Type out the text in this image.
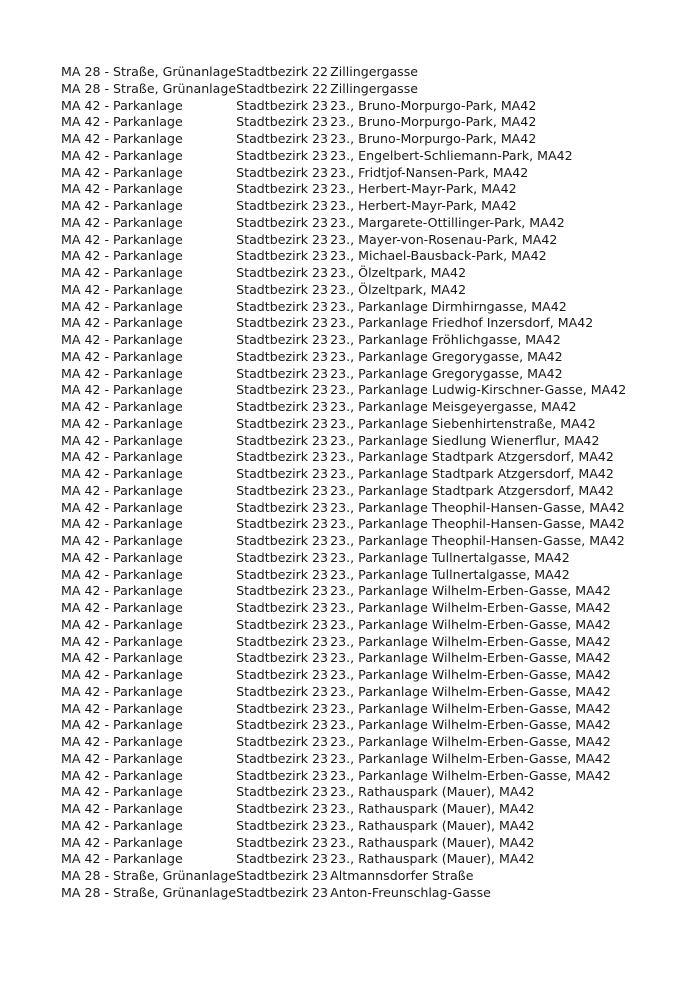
MA 28 - Straße, Grünanlage	Stadtbezirk 22	Zillingergasse
MA 28 - Straße, Grünanlage	Stadtbezirk 22	Zillingergasse
MA 42 - Parkanlage	Stadtbezirk 23	23., Bruno-Morpurgo-Park, MA42
MA 42 - Parkanlage	Stadtbezirk 23	23., Bruno-Morpurgo-Park, MA42
MA 42 - Parkanlage	Stadtbezirk 23	23., Bruno-Morpurgo-Park, MA42
MA 42 - Parkanlage	Stadtbezirk 23	23., Engelbert-Schliemann-Park, MA42
MA 42 - Parkanlage	Stadtbezirk 23	23., Fridtjof-Nansen-Park, MA42
MA 42 - Parkanlage	Stadtbezirk 23	23., Herbert-Mayr-Park, MA42
MA 42 - Parkanlage	Stadtbezirk 23	23., Herbert-Mayr-Park, MA42
MA 42 - Parkanlage	Stadtbezirk 23	23., Margarete-Ottillinger-Park, MA42
MA 42 - Parkanlage	Stadtbezirk 23	23., Mayer-von-Rosenau-Park, MA42
MA 42 - Parkanlage	Stadtbezirk 23	23., Michael-Bausback-Park, MA42
MA 42 - Parkanlage	Stadtbezirk 23	23., Ölzeltpark, MA42
MA 42 - Parkanlage	Stadtbezirk 23	23., Ölzeltpark, MA42
MA 42 - Parkanlage	Stadtbezirk 23	23., Parkanlage Dirmhirngasse, MA42
MA 42 - Parkanlage	Stadtbezirk 23	23., Parkanlage Friedhof Inzersdorf, MA42
MA 42 - Parkanlage	Stadtbezirk 23	23., Parkanlage Fröhlichgasse, MA42
MA 42 - Parkanlage	Stadtbezirk 23	23., Parkanlage Gregorygasse, MA42
MA 42 - Parkanlage	Stadtbezirk 23	23., Parkanlage Gregorygasse, MA42
MA 42 - Parkanlage	Stadtbezirk 23	23., Parkanlage Ludwig-Kirschner-Gasse, MA42
MA 42 - Parkanlage	Stadtbezirk 23	23., Parkanlage Meisgeyergasse, MA42
MA 42 - Parkanlage	Stadtbezirk 23	23., Parkanlage Siebenhirtenstraße, MA42
MA 42 - Parkanlage	Stadtbezirk 23	23., Parkanlage Siedlung Wienerflur, MA42
MA 42 - Parkanlage	Stadtbezirk 23	23., Parkanlage Stadtpark Atzgersdorf, MA42
MA 42 - Parkanlage	Stadtbezirk 23	23., Parkanlage Stadtpark Atzgersdorf, MA42
MA 42 - Parkanlage	Stadtbezirk 23	23., Parkanlage Stadtpark Atzgersdorf, MA42
MA 42 - Parkanlage	Stadtbezirk 23	23., Parkanlage Theophil-Hansen-Gasse, MA42
MA 42 - Parkanlage	Stadtbezirk 23	23., Parkanlage Theophil-Hansen-Gasse, MA42
MA 42 - Parkanlage	Stadtbezirk 23	23., Parkanlage Theophil-Hansen-Gasse, MA42
MA 42 - Parkanlage	Stadtbezirk 23	23., Parkanlage Tullnertalgasse, MA42
MA 42 - Parkanlage	Stadtbezirk 23	23., Parkanlage Tullnertalgasse, MA42
MA 42 - Parkanlage	Stadtbezirk 23	23., Parkanlage Wilhelm-Erben-Gasse, MA42
MA 42 - Parkanlage	Stadtbezirk 23	23., Parkanlage Wilhelm-Erben-Gasse, MA42
MA 42 - Parkanlage	Stadtbezirk 23	23., Parkanlage Wilhelm-Erben-Gasse, MA42
MA 42 - Parkanlage	Stadtbezirk 23	23., Parkanlage Wilhelm-Erben-Gasse, MA42
MA 42 - Parkanlage	Stadtbezirk 23	23., Parkanlage Wilhelm-Erben-Gasse, MA42
MA 42 - Parkanlage	Stadtbezirk 23	23., Parkanlage Wilhelm-Erben-Gasse, MA42
MA 42 - Parkanlage	Stadtbezirk 23	23., Parkanlage Wilhelm-Erben-Gasse, MA42
MA 42 - Parkanlage	Stadtbezirk 23	23., Parkanlage Wilhelm-Erben-Gasse, MA42
MA 42 - Parkanlage	Stadtbezirk 23	23., Parkanlage Wilhelm-Erben-Gasse, MA42
MA 42 - Parkanlage	Stadtbezirk 23	23., Parkanlage Wilhelm-Erben-Gasse, MA42
MA 42 - Parkanlage	Stadtbezirk 23	23., Parkanlage Wilhelm-Erben-Gasse, MA42
MA 42 - Parkanlage	Stadtbezirk 23	23., Parkanlage Wilhelm-Erben-Gasse, MA42
MA 42 - Parkanlage	Stadtbezirk 23	23., Rathauspark (Mauer), MA42
MA 42 - Parkanlage	Stadtbezirk 23	23., Rathauspark (Mauer), MA42
MA 42 - Parkanlage	Stadtbezirk 23	23., Rathauspark (Mauer), MA42
MA 42 - Parkanlage	Stadtbezirk 23	23., Rathauspark (Mauer), MA42
MA 42 - Parkanlage	Stadtbezirk 23	23., Rathauspark (Mauer), MA42
MA 28 - Straße, Grünanlage	Stadtbezirk 23	Altmannsdorfer Straße
MA 28 - Straße, Grünanlage	Stadtbezirk 23	Anton-Freunschlag-Gasse
